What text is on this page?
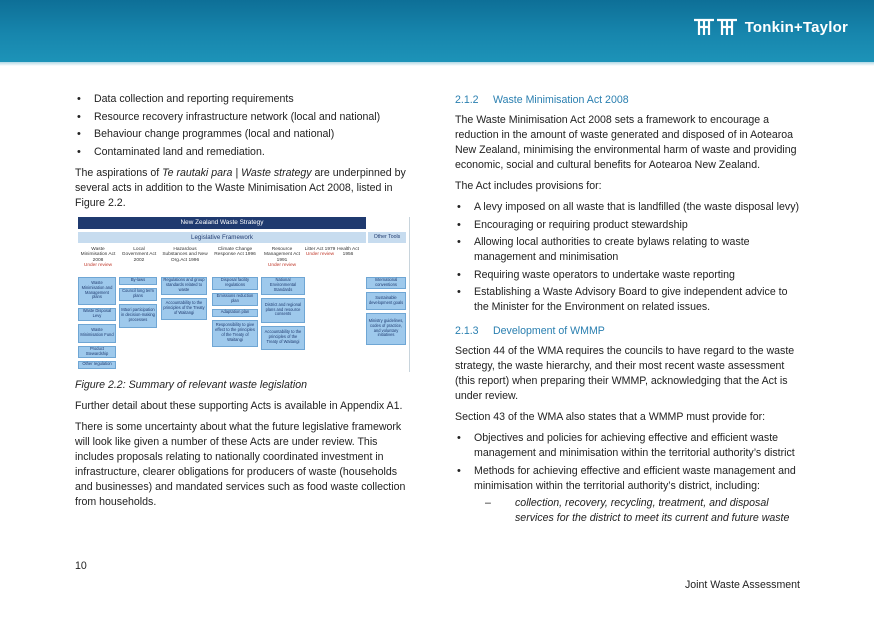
Tonkin+Taylor
• Data collection and reporting requirements
• Resource recovery infrastructure network (local and national)
• Behaviour change programmes (local and national)
• Contaminated land and remediation.

The aspirations of Te rautaki para | Waste strategy are underpinned by several acts in addition to the Waste Minimisation Act 2008, listed in Figure 2.2.

New Zealand Waste Strategy
Legislative Framework	Other Tools
Waste Minimisation Act 2008
Under review
Local Government Act 2002
Hazardous Substances and New Org.Act 1996
Climate Change Response Act 1996
Resource Management Act 1991
Under review
Litter Act 1979
Under review
Health Act 1956
Waste Minimisation and Management plans
Waste Disposal Levy
Waste Minimisation Fund
Product Stewardship
Other regulation
By-laws
Council long term plans
Māori participation in decision-making processes
Regulations and group standards related to waste
Accountability to the principles of the Treaty of Waitangi
Disposal facility regulations
Emissions reduction plan
Adaptation plan
Responsibility to give effect to the principles of the Treaty of Waitangi
National Environmental Standards
District and regional plans and resource consents
Accountability to the principles of the Treaty of Waitangi
International conventions
Sustainable development goals
Ministry guidelines, codes of practice, and voluntary initiatives

Figure 2.2: Summary of relevant waste legislation

Further detail about these supporting Acts is available in Appendix A1.

There is some uncertainty about what the future legislative framework will look like given a number of these Acts are under review. This includes proposals relating to nationally coordinated investment in infrastructure, clearer obligations for producers of waste (households and businesses) and mandated services such as food waste collection from households.

2.1.2	Waste Minimisation Act 2008

The Waste Minimisation Act 2008 sets a framework to encourage a reduction in the amount of waste generated and disposed of in Aotearoa New Zealand, minimising the environmental harm of waste and providing economic, social and cultural benefits for Aotearoa New Zealand.

The Act includes provisions for:

• A levy imposed on all waste that is landfilled (the waste disposal levy)
• Encouraging or requiring product stewardship
• Allowing local authorities to create bylaws relating to waste management and minimisation
• Requiring waste operators to undertake waste reporting
• Establishing a Waste Advisory Board to give independent advice to the Minister for the Environment on related issues.
2.1.3	Development of WMMP

Section 44 of the WMA requires the councils to have regard to the waste strategy, the waste hierarchy, and their most recent waste assessment (this report) when preparing their WMMP, acknowledging that the Act is under review.

Section 43 of the WMA also states that a WMMP must provide for:

• Objectives and policies for achieving effective and efficient waste management and minimisation within the territorial authority’s district
• Methods for achieving effective and efficient waste management and minimisation within the territorial authority’s district, including:
– collection, recovery, recycling, treatment, and disposal services for the district to meet its current and future waste
10
Joint Waste Assessment
